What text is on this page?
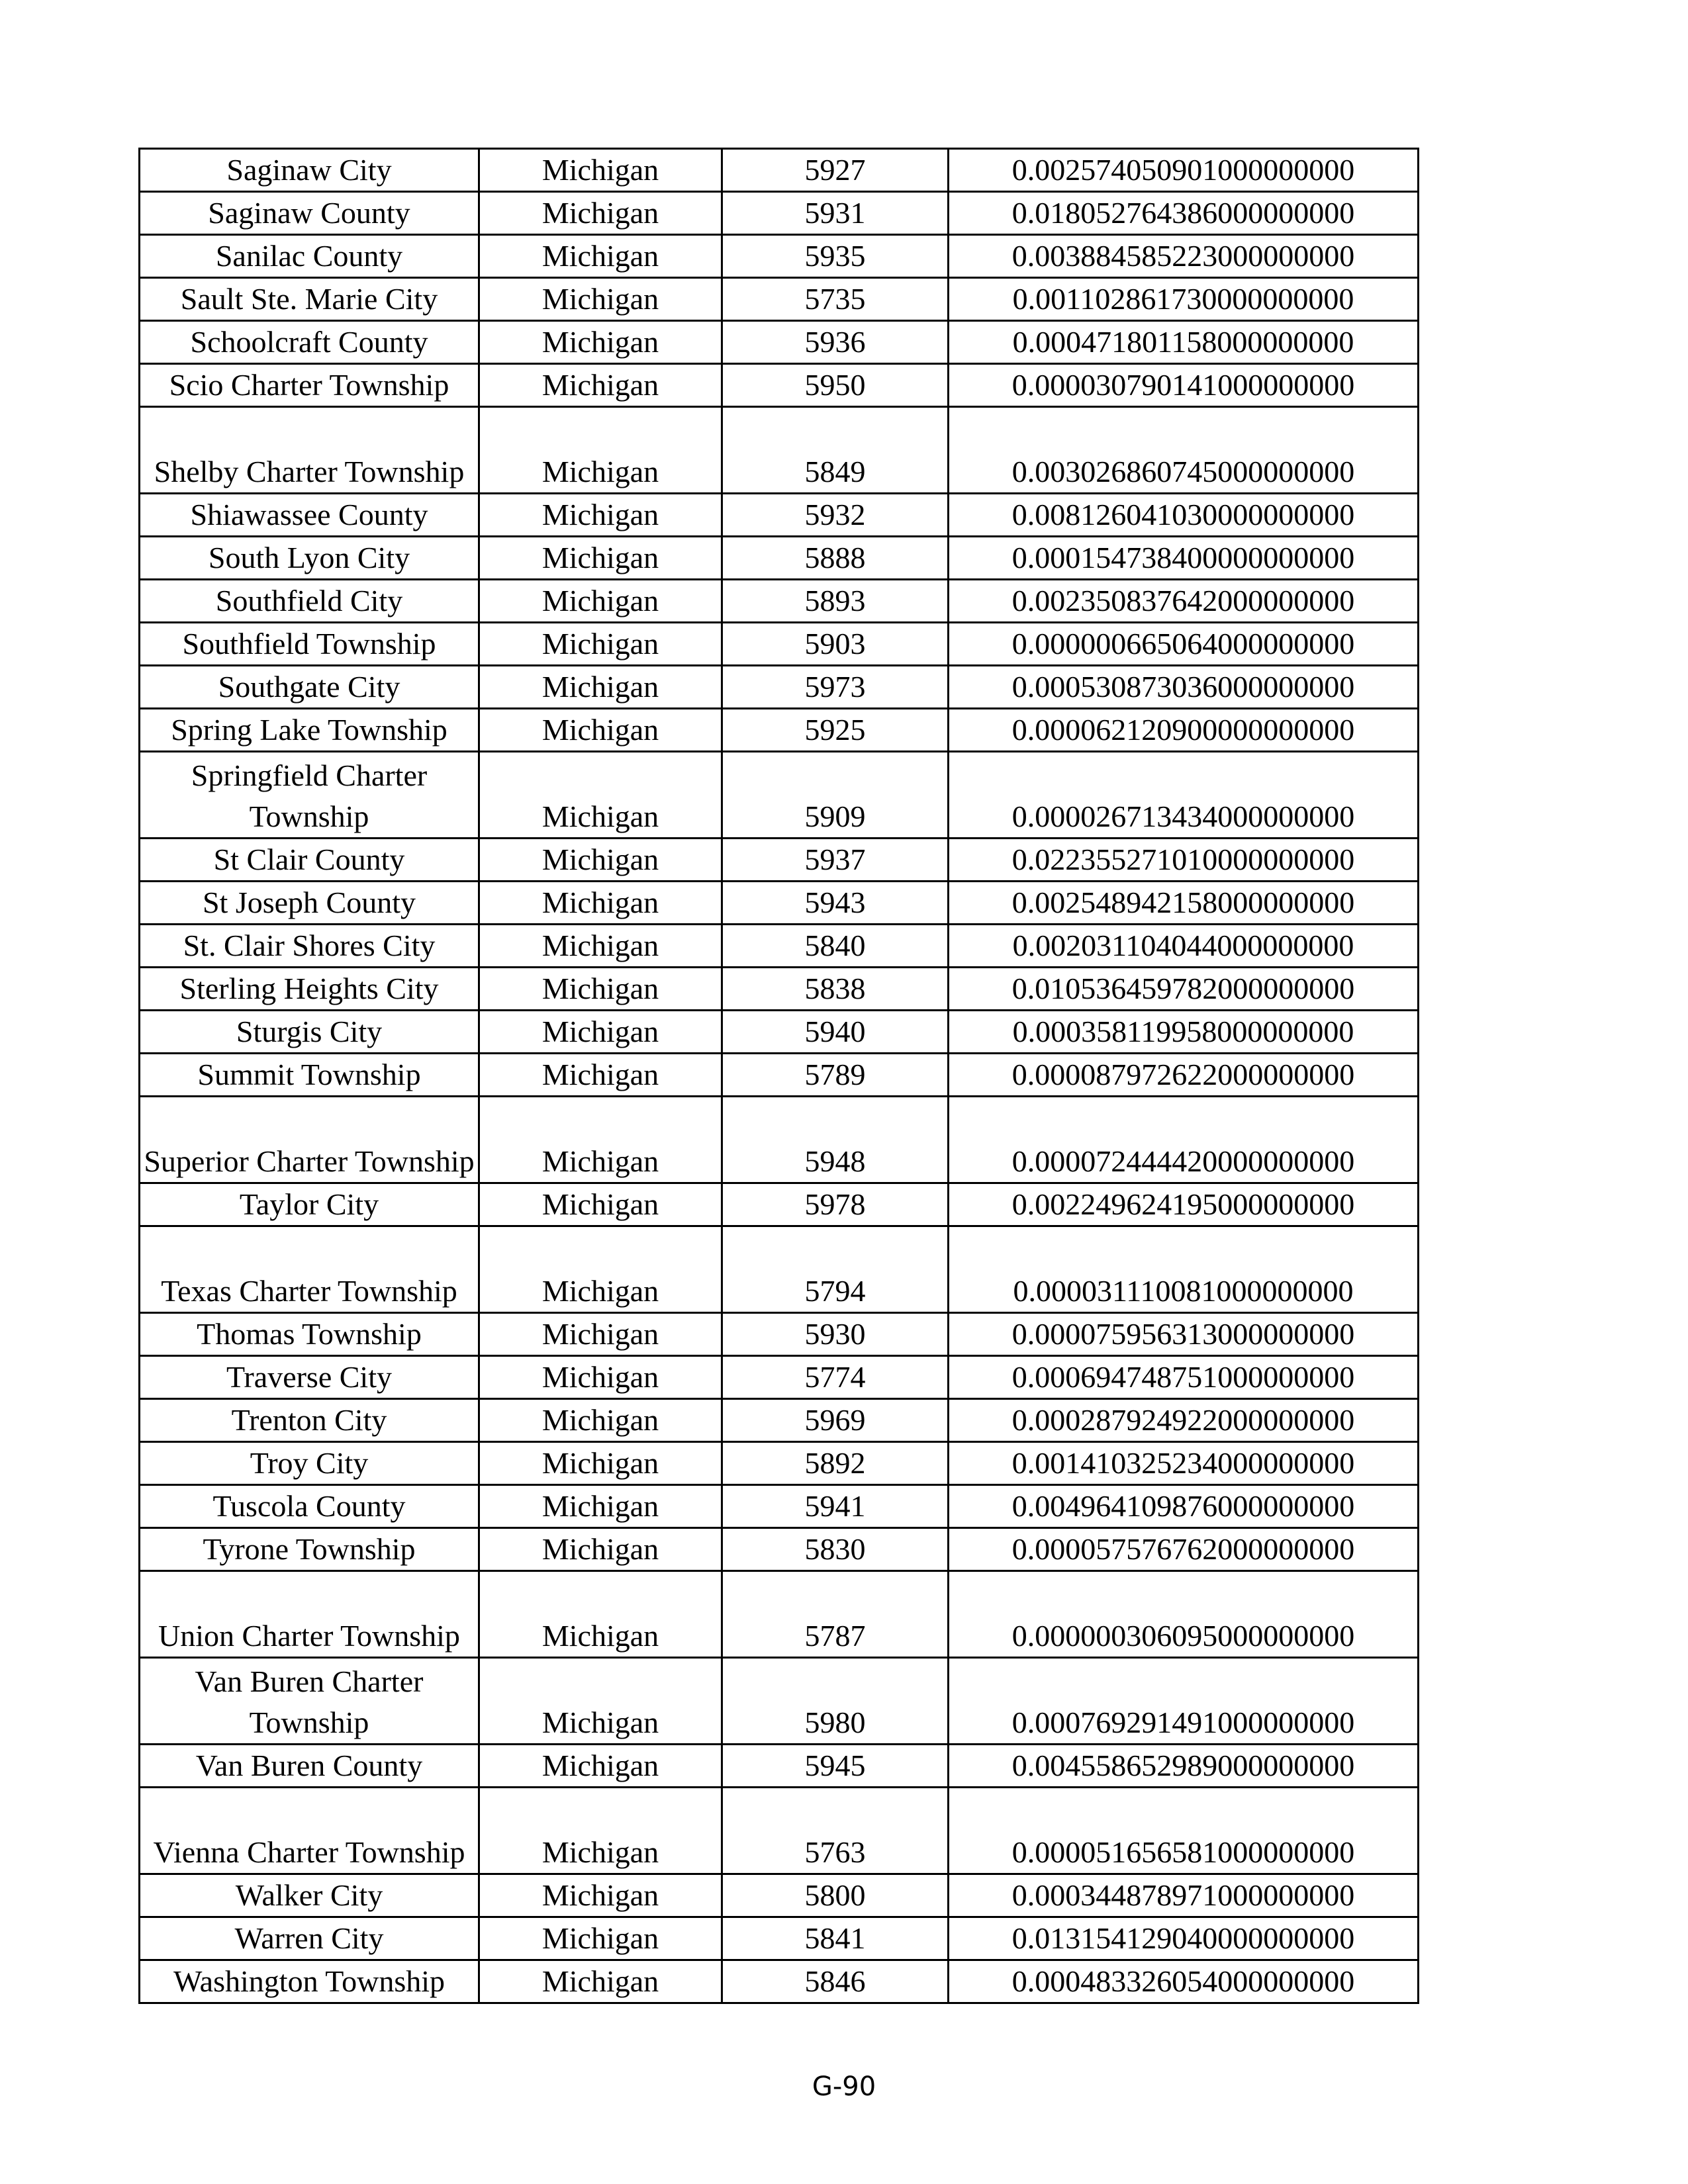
Saginaw City	Michigan	5927	0.002574050901000000000
Saginaw County	Michigan	5931	0.018052764386000000000
Sanilac County	Michigan	5935	0.003884585223000000000
Sault Ste. Marie City	Michigan	5735	0.001102861730000000000
Schoolcraft County	Michigan	5936	0.000471801158000000000
Scio Charter Township	Michigan	5950	0.000030790141000000000
Shelby Charter Township	Michigan	5849	0.003026860745000000000
Shiawassee County	Michigan	5932	0.008126041030000000000
South Lyon City	Michigan	5888	0.000154738400000000000
Southfield City	Michigan	5893	0.002350837642000000000
Southfield Township	Michigan	5903	0.000000665064000000000
Southgate City	Michigan	5973	0.000530873036000000000
Spring Lake Township	Michigan	5925	0.000062120900000000000
Springfield Charter Township	Michigan	5909	0.000026713434000000000
St Clair County	Michigan	5937	0.022355271010000000000
St Joseph County	Michigan	5943	0.002548942158000000000
St. Clair Shores City	Michigan	5840	0.002031104044000000000
Sterling Heights City	Michigan	5838	0.010536459782000000000
Sturgis City	Michigan	5940	0.000358119958000000000
Summit Township	Michigan	5789	0.000087972622000000000
Superior Charter Township	Michigan	5948	0.000072444420000000000
Taylor City	Michigan	5978	0.002249624195000000000
Texas Charter Township	Michigan	5794	0.000031110081000000000
Thomas Township	Michigan	5930	0.000075956313000000000
Traverse City	Michigan	5774	0.000694748751000000000
Trenton City	Michigan	5969	0.000287924922000000000
Troy City	Michigan	5892	0.001410325234000000000
Tuscola County	Michigan	5941	0.004964109876000000000
Tyrone Township	Michigan	5830	0.000057576762000000000
Union Charter Township	Michigan	5787	0.000000306095000000000
Van Buren Charter Township	Michigan	5980	0.000769291491000000000
Van Buren County	Michigan	5945	0.004558652989000000000
Vienna Charter Township	Michigan	5763	0.000051656581000000000
Walker City	Michigan	5800	0.000344878971000000000
Warren City	Michigan	5841	0.013154129040000000000
Washington Township	Michigan	5846	0.000483326054000000000
G-90
